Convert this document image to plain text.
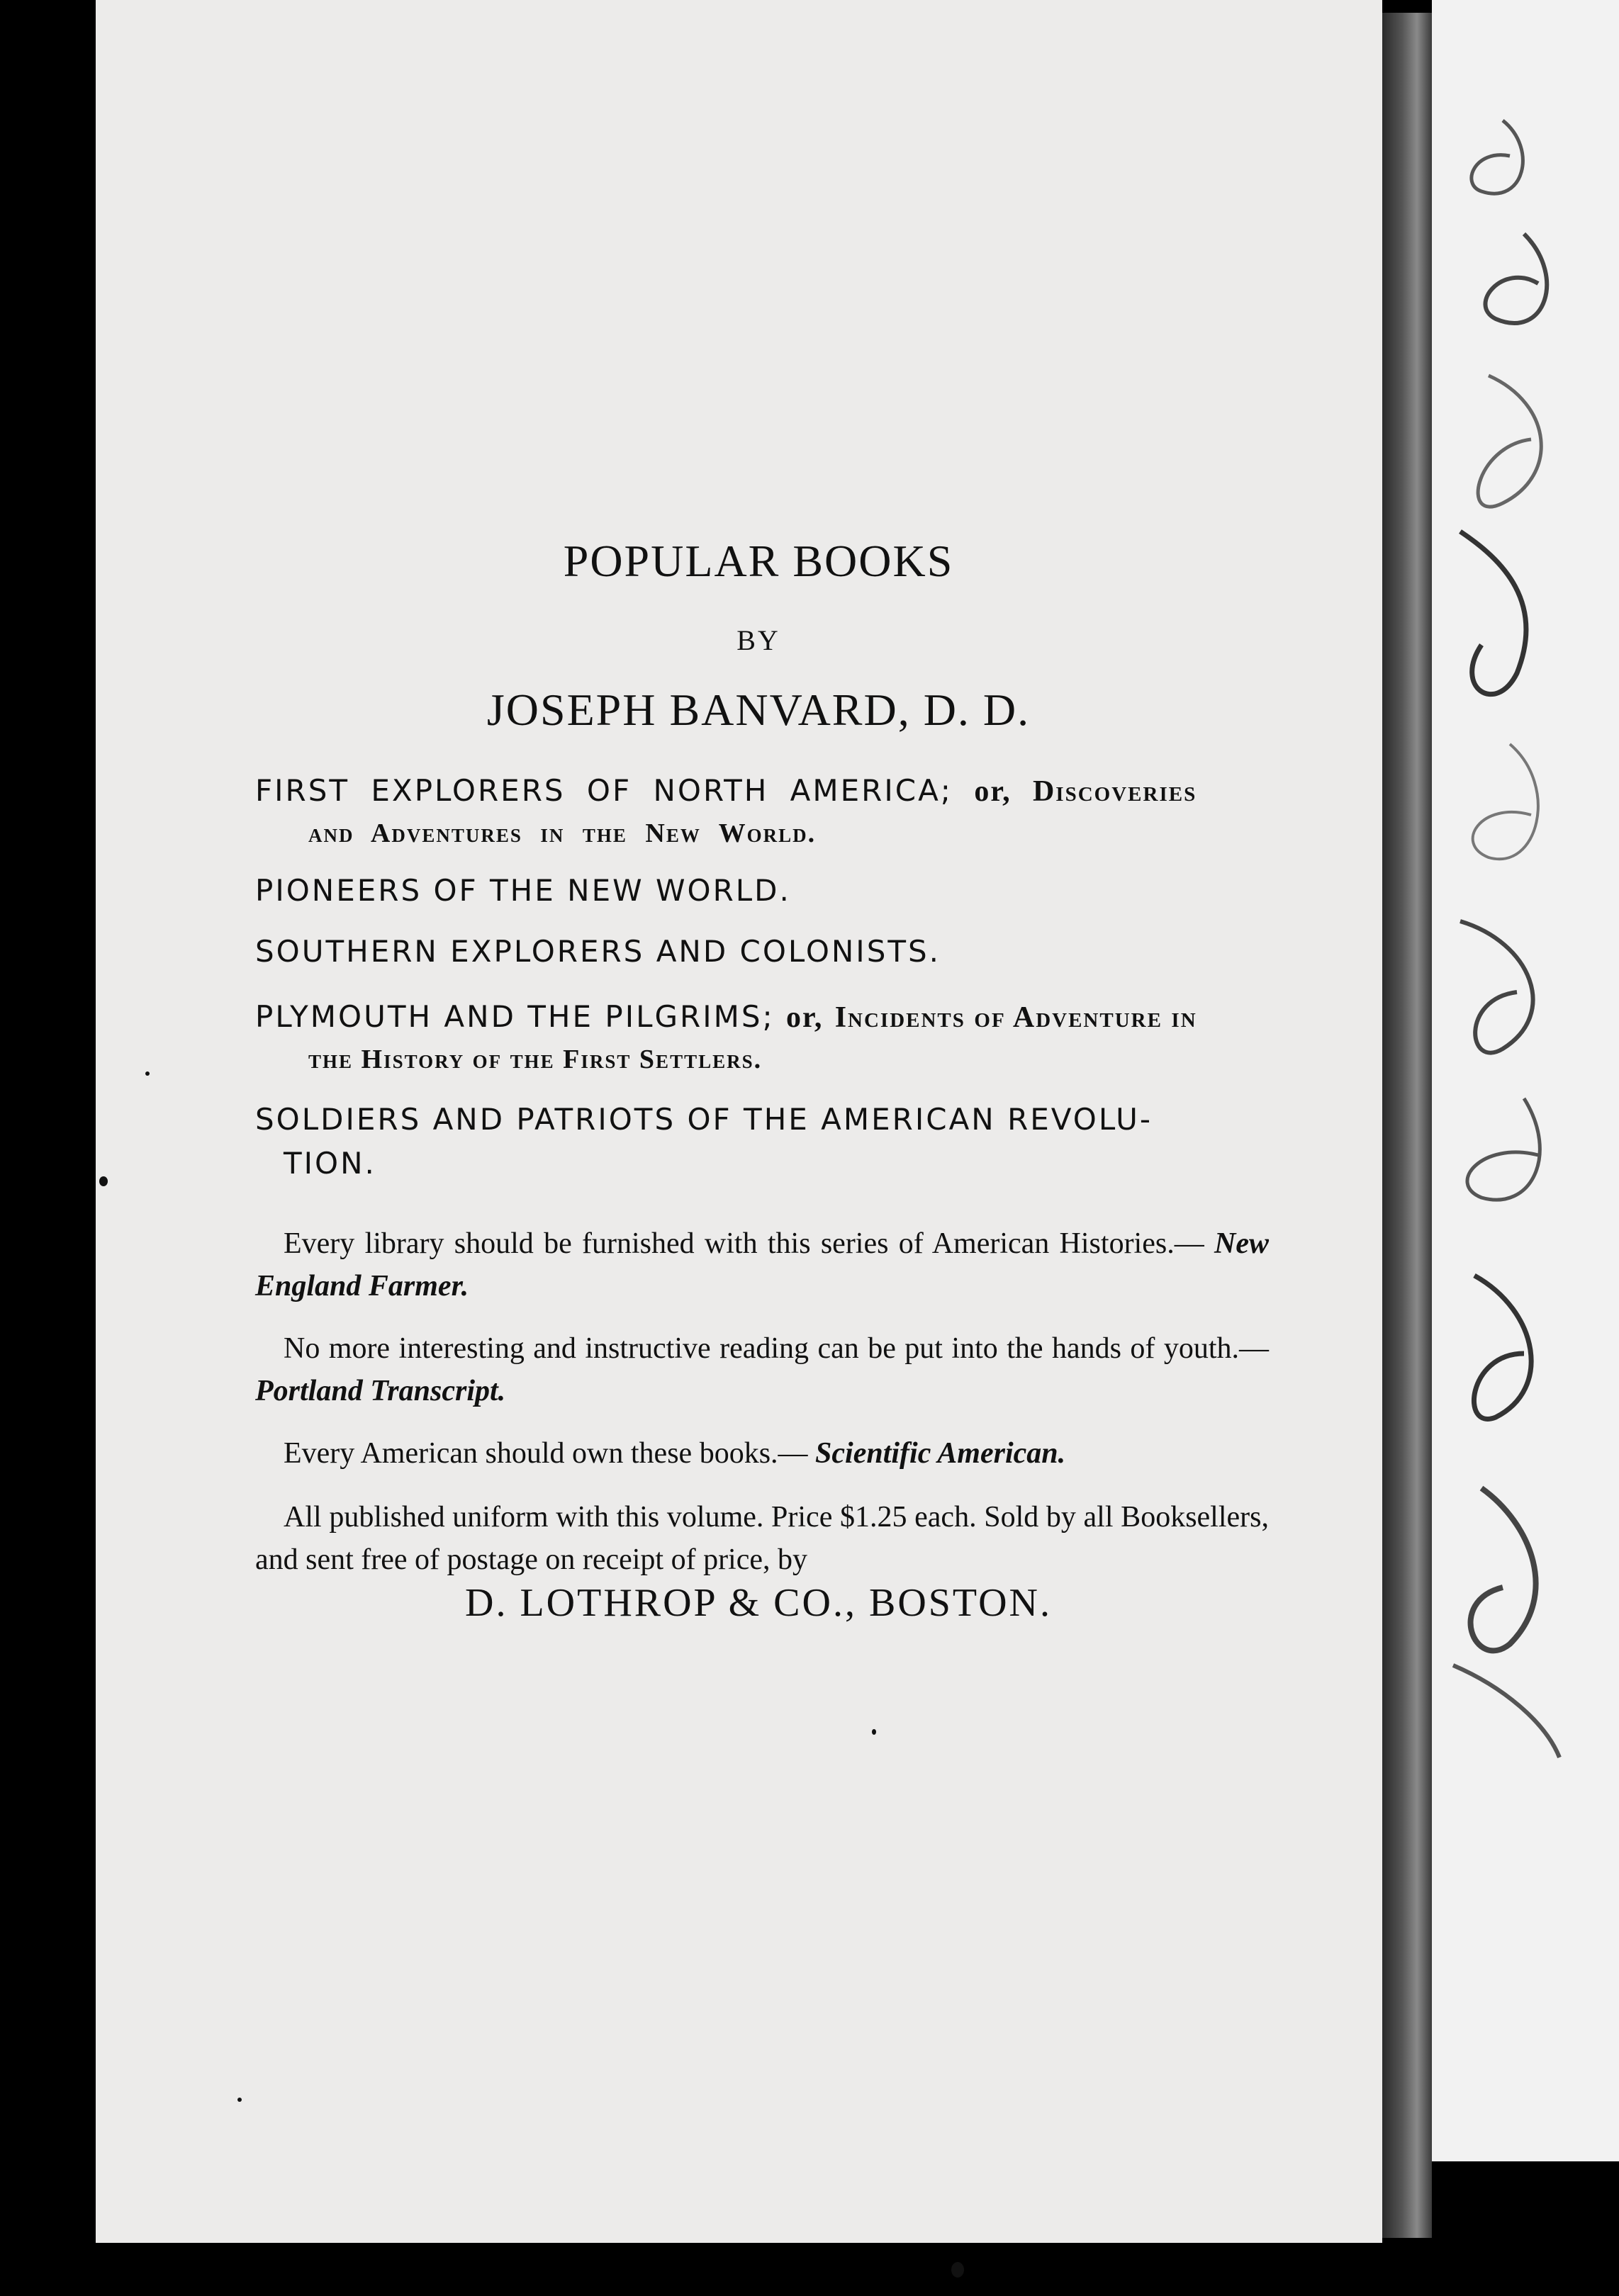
POPULAR BOOKS
BY
JOSEPH BANVARD, D. D.

FIRST EXPLORERS OF NORTH AMERICA; or, Discoveries
and Adventures in the New World.

PIONEERS OF THE NEW WORLD.

SOUTHERN EXPLORERS AND COLONISTS.

PLYMOUTH AND THE PILGRIMS; or, Incidents of Adventure in
the History of the First Settlers.

SOLDIERS AND PATRIOTS OF THE AMERICAN REVOLU-
TION.

Every library should be furnished with this series of American Histories.— New England Farmer.

No more interesting and instructive reading can be put into the hands of youth.— Portland Transcript.

Every American should own these books.— Scientific American.

All published uniform with this volume. Price $1.25 each. Sold by all Booksellers, and sent free of postage on receipt of price, by

D. LOTHROP & CO., BOSTON.
